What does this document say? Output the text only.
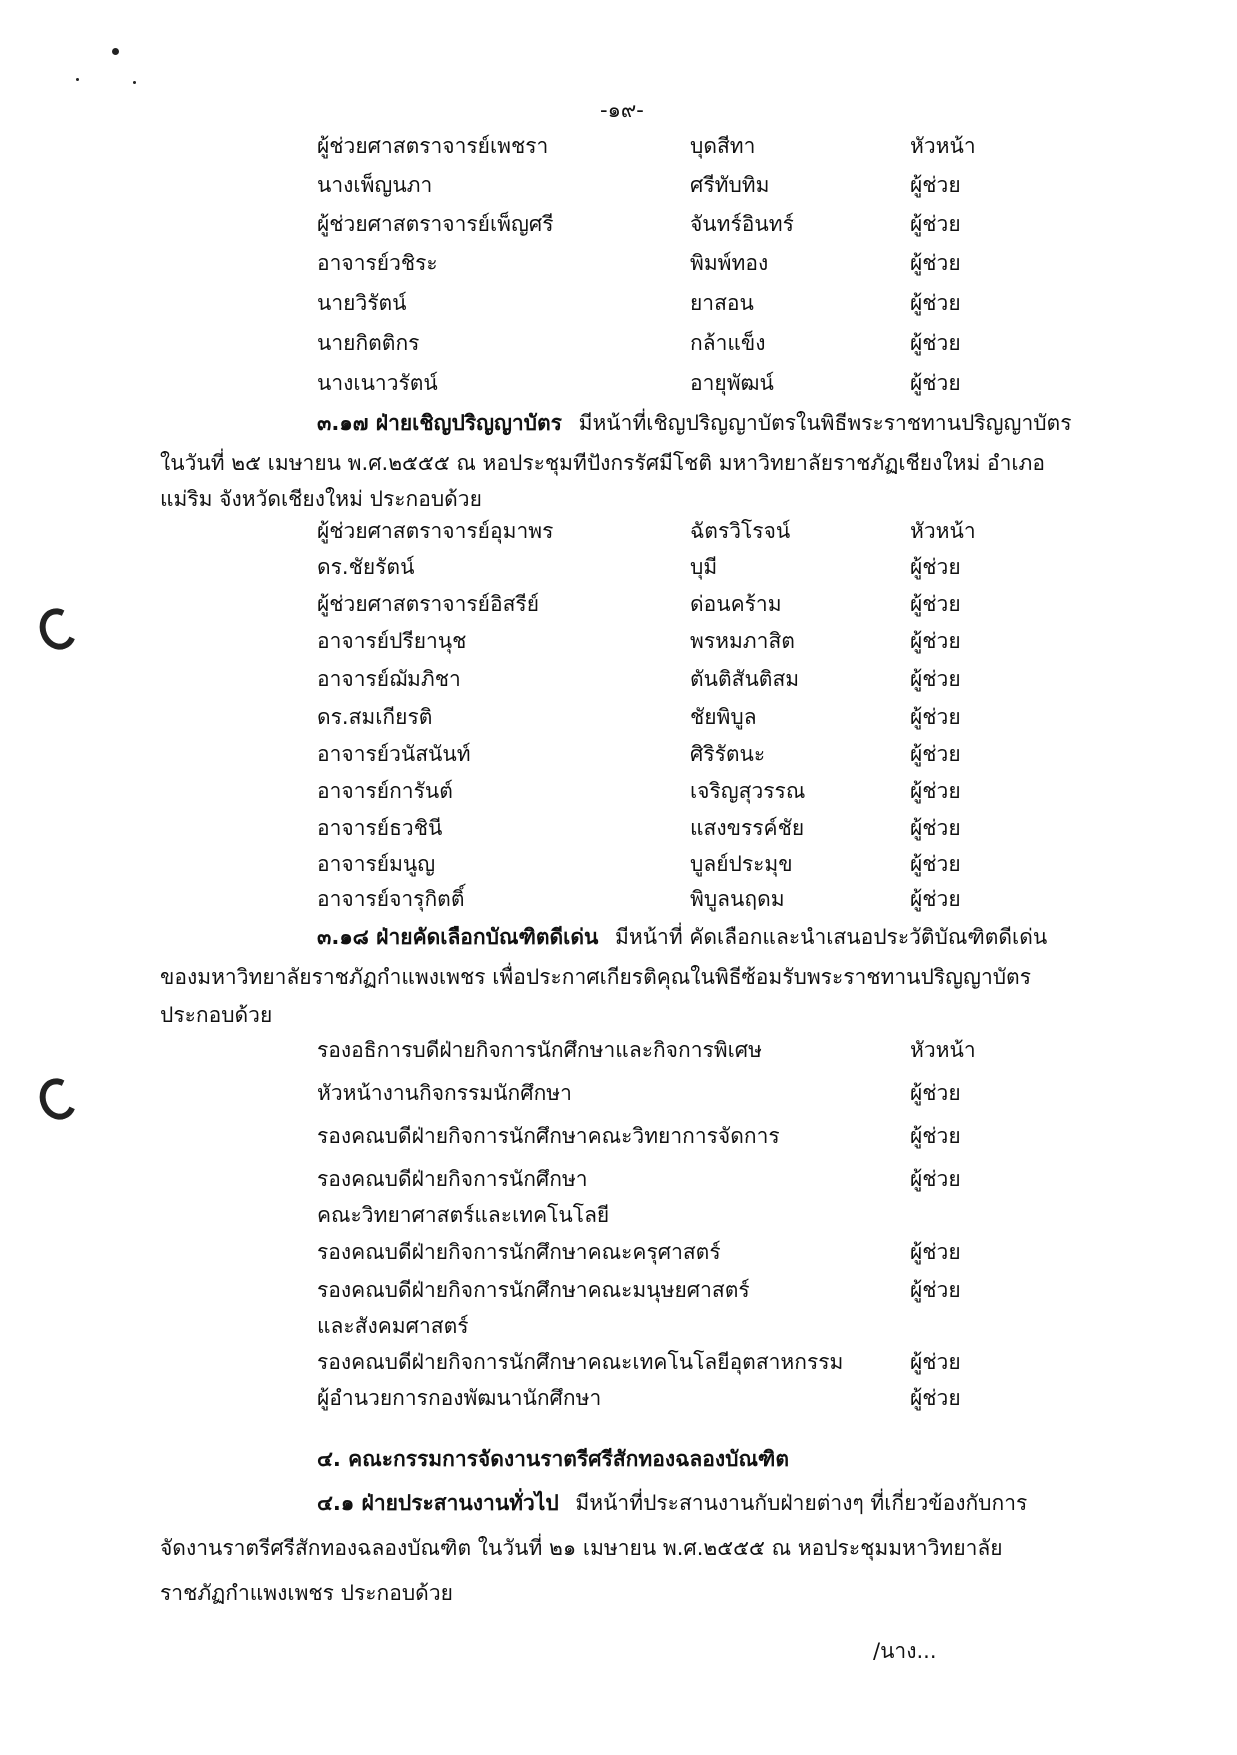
-๑๙-
ผู้ช่วยศาสตราจารย์เพชรา	บุดสีทา	หัวหน้า
นางเพ็ญนภา	ศรีทับทิม	ผู้ช่วย
ผู้ช่วยศาสตราจารย์เพ็ญศรี	จันทร์อินทร์	ผู้ช่วย
อาจารย์วชิระ	พิมพ์ทอง	ผู้ช่วย
นายวิรัตน์	ยาสอน	ผู้ช่วย
นายกิตติกร	กล้าแข็ง	ผู้ช่วย
นางเนาวรัตน์	อายุพัฒน์	ผู้ช่วย
๓.๑๗ ฝ่ายเชิญปริญญาบัตร มีหน้าที่เชิญปริญญาบัตรในพิธีพระราชทานปริญญาบัตร
ในวันที่ ๒๕ เมษายน พ.ศ.๒๕๕๕ ณ หอประชุมทีปังกรรัศมีโชติ มหาวิทยาลัยราชภัฏเชียงใหม่ อำเภอ
แม่ริม จังหวัดเชียงใหม่ ประกอบด้วย
ผู้ช่วยศาสตราจารย์อุมาพร	ฉัตรวิโรจน์	หัวหน้า
ดร.ชัยรัตน์	บุมี	ผู้ช่วย
ผู้ช่วยศาสตราจารย์อิสรีย์	ด่อนคร้าม	ผู้ช่วย
อาจารย์ปรียานุช	พรหมภาสิต	ผู้ช่วย
อาจารย์ฌัมภิชา	ตันติสันติสม	ผู้ช่วย
ดร.สมเกียรติ	ชัยพิบูล	ผู้ช่วย
อาจารย์วนัสนันท์	ศิริรัตนะ	ผู้ช่วย
อาจารย์การันต์	เจริญสุวรรณ	ผู้ช่วย
อาจารย์ธวชินี	แสงขรรค์ชัย	ผู้ช่วย
อาจารย์มนูญ	บูลย์ประมุข	ผู้ช่วย
อาจารย์จารุกิตติ์	พิบูลนฤดม	ผู้ช่วย
๓.๑๘ ฝ่ายคัดเลือกบัณฑิตดีเด่น มีหน้าที่ คัดเลือกและนำเสนอประวัติบัณฑิตดีเด่น
ของมหาวิทยาลัยราชภัฏกำแพงเพชร เพื่อประกาศเกียรติคุณในพิธีซ้อมรับพระราชทานปริญญาบัตร
ประกอบด้วย
รองอธิการบดีฝ่ายกิจการนักศึกษาและกิจการพิเศษ	หัวหน้า
หัวหน้างานกิจกรรมนักศึกษา	ผู้ช่วย
รองคณบดีฝ่ายกิจการนักศึกษาคณะวิทยาการจัดการ	ผู้ช่วย
รองคณบดีฝ่ายกิจการนักศึกษา	ผู้ช่วย
คณะวิทยาศาสตร์และเทคโนโลยี
รองคณบดีฝ่ายกิจการนักศึกษาคณะครุศาสตร์	ผู้ช่วย
รองคณบดีฝ่ายกิจการนักศึกษาคณะมนุษยศาสตร์	ผู้ช่วย
และสังคมศาสตร์
รองคณบดีฝ่ายกิจการนักศึกษาคณะเทคโนโลยีอุตสาหกรรม	ผู้ช่วย
ผู้อำนวยการกองพัฒนานักศึกษา	ผู้ช่วย
๔. คณะกรรมการจัดงานราตรีศรีสักทองฉลองบัณฑิต
๔.๑ ฝ่ายประสานงานทั่วไป มีหน้าที่ประสานงานกับฝ่ายต่างๆ ที่เกี่ยวข้องกับการ
จัดงานราตรีศรีสักทองฉลองบัณฑิต ในวันที่ ๒๑ เมษายน พ.ศ.๒๕๕๕ ณ หอประชุมมหาวิทยาลัย
ราชภัฏกำแพงเพชร ประกอบด้วย
/นาง...
